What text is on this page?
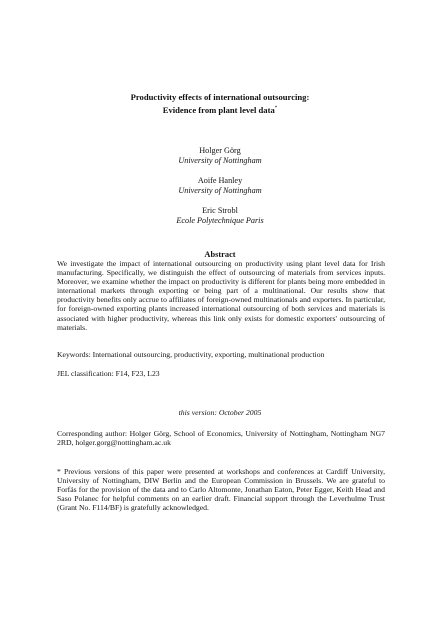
Productivity effects of international outsourcing:
Evidence from plant level data*
Holger Görg
University of Nottingham
Aoife Hanley
University of Nottingham
Eric Strobl
Ecole Polytechnique Paris
Abstract

We investigate the impact of international outsourcing on productivity using plant level data for Irish manufacturing. Specifically, we distinguish the effect of outsourcing of materials from services inputs. Moreover, we examine whether the impact on productivity is different for plants being more embedded in international markets through exporting or being part of a multinational. Our results show that productivity benefits only accrue to affiliates of foreign-owned multinationals and exporters. In particular, for foreign-owned exporting plants increased international outsourcing of both services and materials is associated with higher productivity, whereas this link only exists for domestic exporters' outsourcing of materials.

Keywords: International outsourcing, productivity, exporting, multinational production

JEL classification: F14, F23, L23

this version: October 2005

Corresponding author: Holger Görg, School of Economics, University of Nottingham, Nottingham NG7 2RD, holger.gorg@nottingham.ac.uk

* Previous versions of this paper were presented at workshops and conferences at Cardiff University, University of Nottingham, DIW Berlin and the European Commission in Brussels. We are grateful to Forfás for the provision of the data and to Carlo Altomonte, Jonathan Eaton, Peter Egger, Keith Head and Saso Polanec for helpful comments on an earlier draft. Financial support through the Leverhulme Trust (Grant No. F114/BF) is gratefully acknowledged.
